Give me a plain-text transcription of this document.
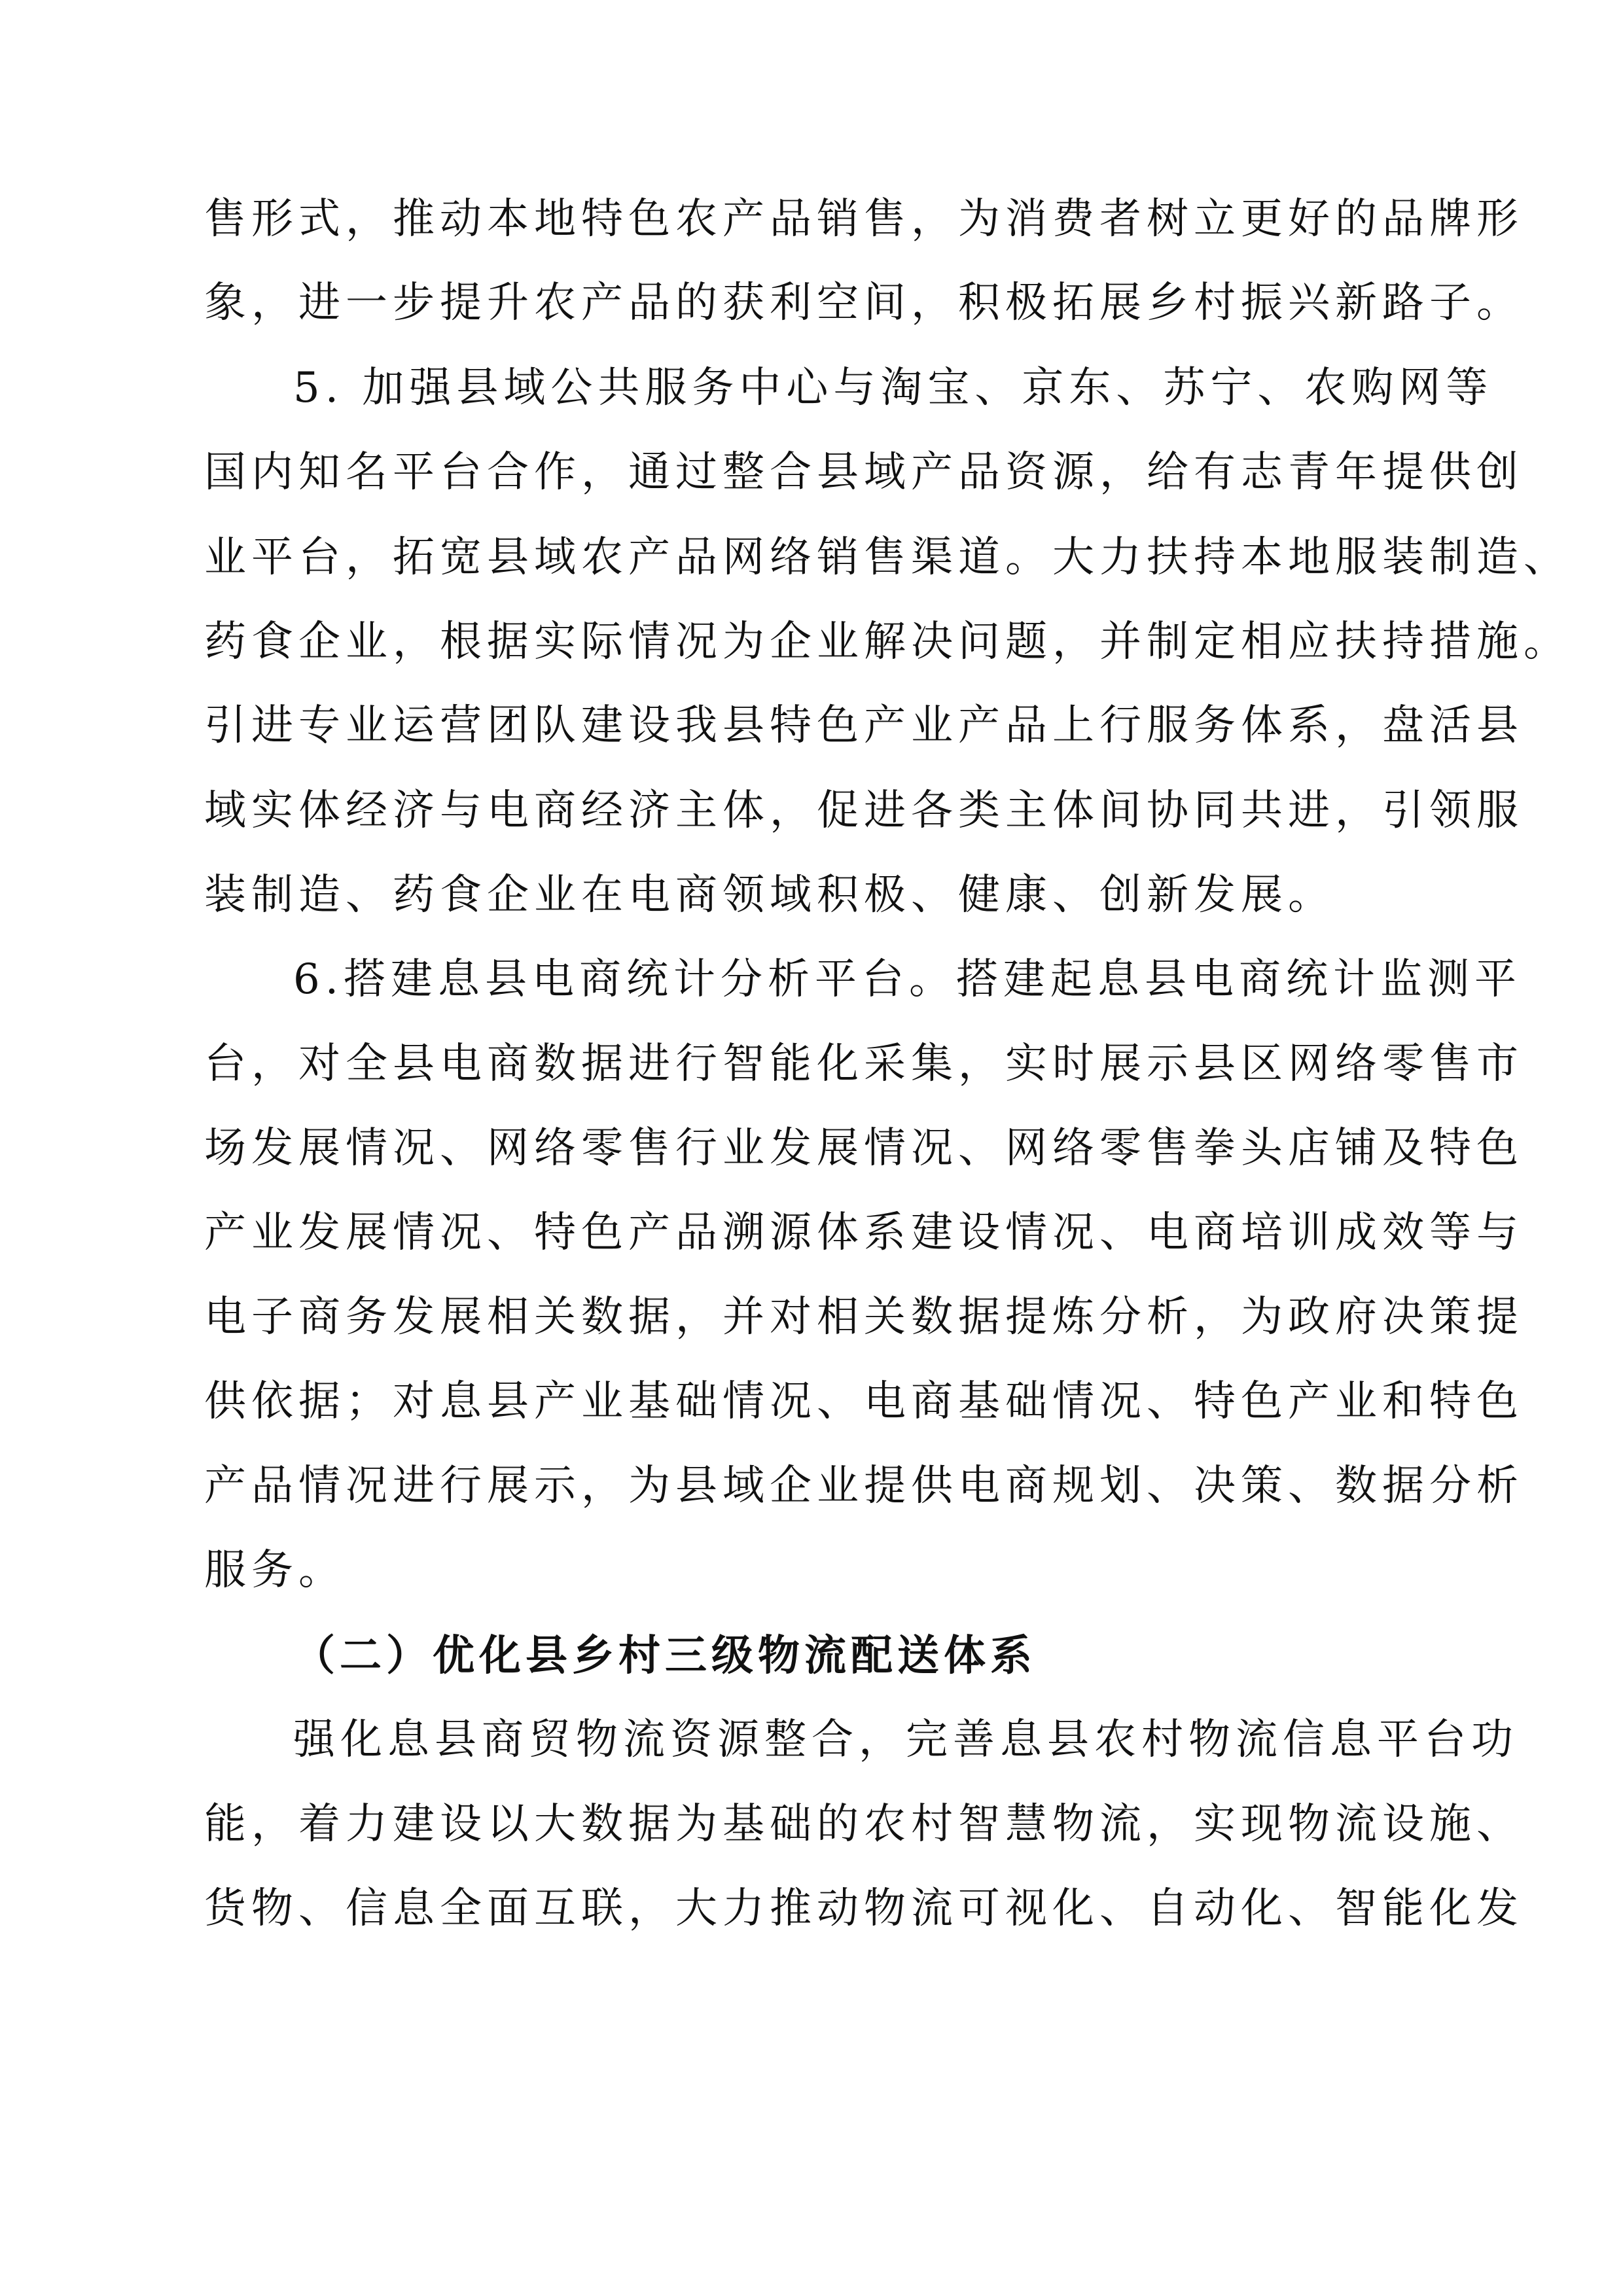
售形式，推动本地特色农产品销售，为消费者树立更好的品牌形
象，进一步提升农产品的获利空间，积极拓展乡村振兴新路子。
5. 加强县域公共服务中心与淘宝、京东、苏宁、农购网等
国内知名平台合作，通过整合县域产品资源，给有志青年提供创
业平台，拓宽县域农产品网络销售渠道。大力扶持本地服装制造、
药食企业，根据实际情况为企业解决问题，并制定相应扶持措施。
引进专业运营团队建设我县特色产业产品上行服务体系，盘活县
域实体经济与电商经济主体，促进各类主体间协同共进，引领服
装制造、药食企业在电商领域积极、健康、创新发展。
6.搭建息县电商统计分析平台。搭建起息县电商统计监测平
台，对全县电商数据进行智能化采集，实时展示县区网络零售市
场发展情况、网络零售行业发展情况、网络零售拳头店铺及特色
产业发展情况、特色产品溯源体系建设情况、电商培训成效等与
电子商务发展相关数据，并对相关数据提炼分析，为政府决策提
供依据；对息县产业基础情况、电商基础情况、特色产业和特色
产品情况进行展示，为县域企业提供电商规划、决策、数据分析
服务。
（二）优化县乡村三级物流配送体系
强化息县商贸物流资源整合，完善息县农村物流信息平台功
能，着力建设以大数据为基础的农村智慧物流，实现物流设施、
货物、信息全面互联，大力推动物流可视化、自动化、智能化发
